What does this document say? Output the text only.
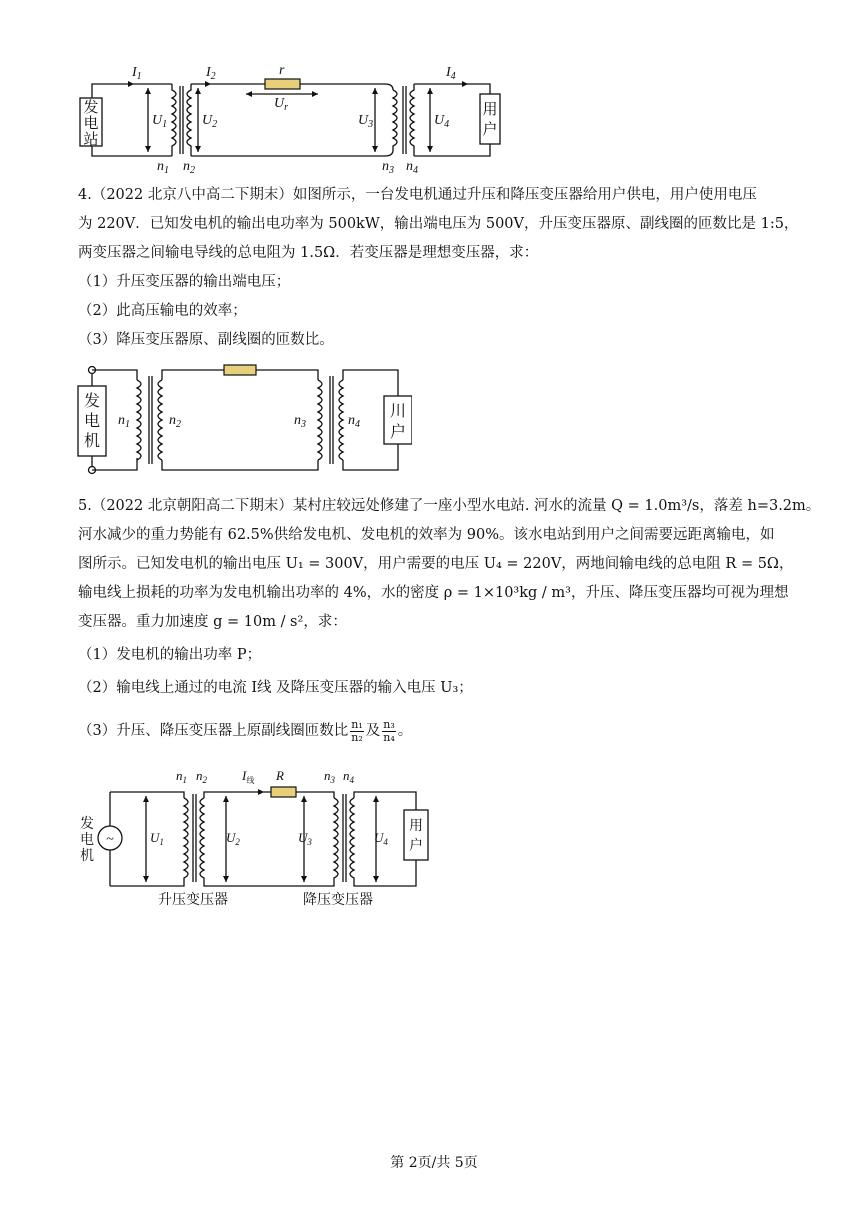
$I_1$	$I_2$	$I_4$
r
$U_r$
$U_1$ $U_2$	$U_3$	$U_4$
$n_1$ $n_2$	$n_3$ $n_4$
发
电
站
用
户
4.（2022 北京八中高二下期末）如图所示，一台发电机通过升压和降压变压器给用户供电，用户使用电压
为 220V．已知发电机的输出电功率为 500kW，输出端电压为 500V，升压变压器原、副线圈的匝数比是 1:5，
两变压器之间输电导线的总电阻为 1.5Ω．若变压器是理想变压器，求：
（1）升压变压器的输出端电压；
（2）此高压输电的效率；
（3）降压变压器原、副线圈的匝数比。
$n_1$	$n_2$	$n_3$	$n_4$
发
电
机
川
户
5.（2022 北京朝阳高二下期末）某村庄较远处修建了一座小型水电站. 河水的流量 Q = 1.0m³/s，落差 h=3.2m。
河水减少的重力势能有 62.5%供给发电机、发电机的效率为 90%。该水电站到用户之间需要远距离输电，如
图所示。已知发电机的输出电压 U₁ = 300V，用户需要的电压 U₄ = 220V，两地间输电线的总电阻 R = 5Ω，
输电线上损耗的功率为发电机输出功率的 4%，水的密度 ρ = 1×10³kg / m³，升压、降压变压器均可视为理想
变压器。重力加速度 g = 10m / s²，求：
（1）发电机的输出功率 P；
（2）输电线上通过的电流 I线 及降压变压器的输入电压 U₃；
（3）升压、降压变压器上原副线圈匝数比 $\frac{\text{n₁}}{\text{n₂}}$ 及 $\frac{\text{n₃}}{\text{n₄}}$ 。
~
$n_1$ $n_2$	$I_线$ R	$n_3$ $n_4$
$U_1$	$U_2$	$U_3$	$U_4$
发
电
机
用
户
升压变压器	降压变压器
第 2页/共 5页
